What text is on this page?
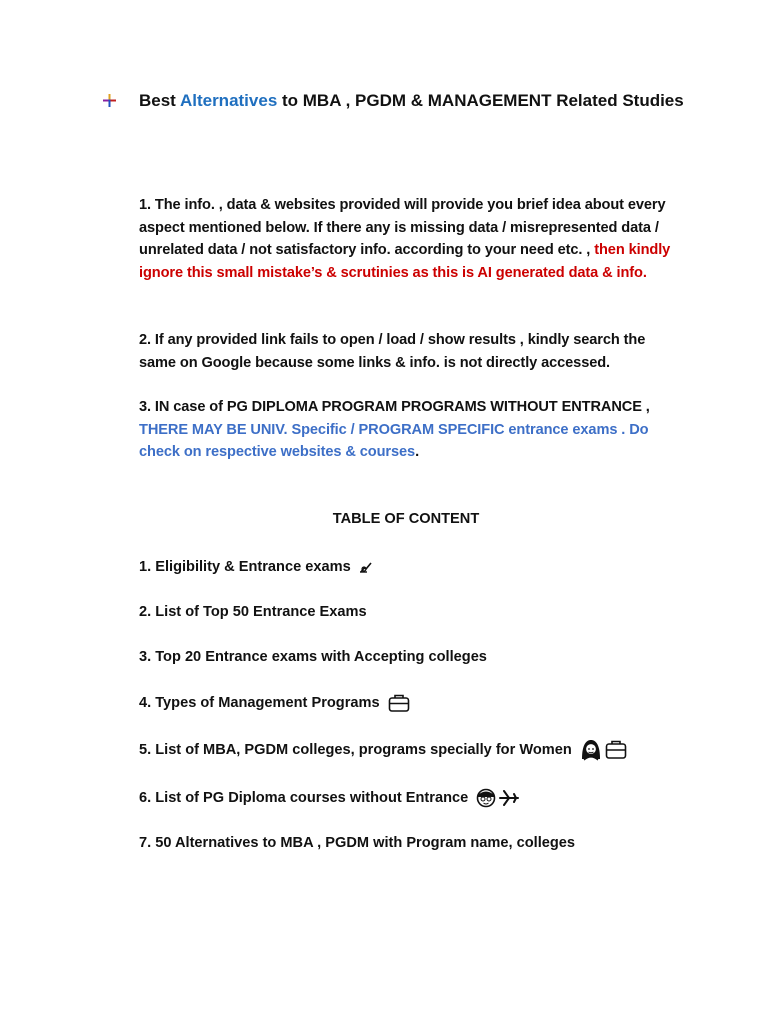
Best Alternatives to MBA , PGDM & MANAGEMENT Related Studies
1. The info. , data & websites provided will provide you brief idea about every aspect mentioned below. If there any is missing data / misrepresented data / unrelated data / not satisfactory info. according to your need etc. , then kindly ignore this small mistake’s & scrutinies as this is AI generated data & info.
2. If any provided link fails to open / load / show results , kindly search the same on Google because some links & info. is not directly accessed.
3. IN case of PG DIPLOMA PROGRAM PROGRAMS WITHOUT ENTRANCE , THERE MAY BE UNIV. Specific / PROGRAM SPECIFIC entrance exams . Do check on respective websites & courses.
TABLE OF CONTENT
1. Eligibility & Entrance exams
2. List of Top 50 Entrance Exams
3. Top 20 Entrance exams with Accepting colleges
4. Types of Management Programs
5. List of MBA, PGDM colleges, programs specially for Women
6. List of PG Diploma courses without Entrance
7. 50 Alternatives to MBA , PGDM with Program name, colleges
